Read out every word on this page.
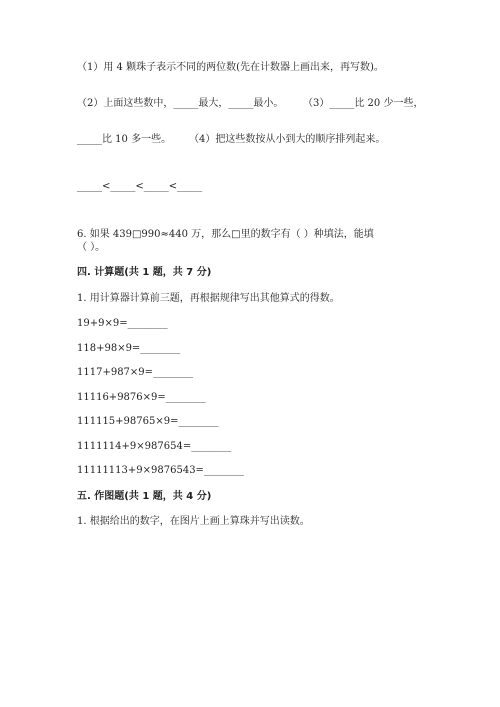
（1）用 4 颗珠子表示不同的两位数(先在计数器上画出来，再写数)。
（2）上面这些数中，_____最大，_____最小。 （3）_____比 20 少一些，
_____比 10 多一些。 （4）把这些数按从小到大的顺序排列起来。
_____<_____<_____<_____
6. 如果 439□990≈440 万，那么□里的数字有（ ）种填法，能填
（ ）。
四. 计算题(共 1 题，共 7 分)
1. 用计算器计算前三题，再根据规律写出其他算式的得数。
19+9×9=________
118+98×9=________
1117+987×9=________
11116+9876×9=________
111115+98765×9=________
1111114+9×987654=________
11111113+9×9876543=________
五. 作图题(共 1 题，共 4 分)
1. 根据给出的数字，在图片上画上算珠并写出读数。
